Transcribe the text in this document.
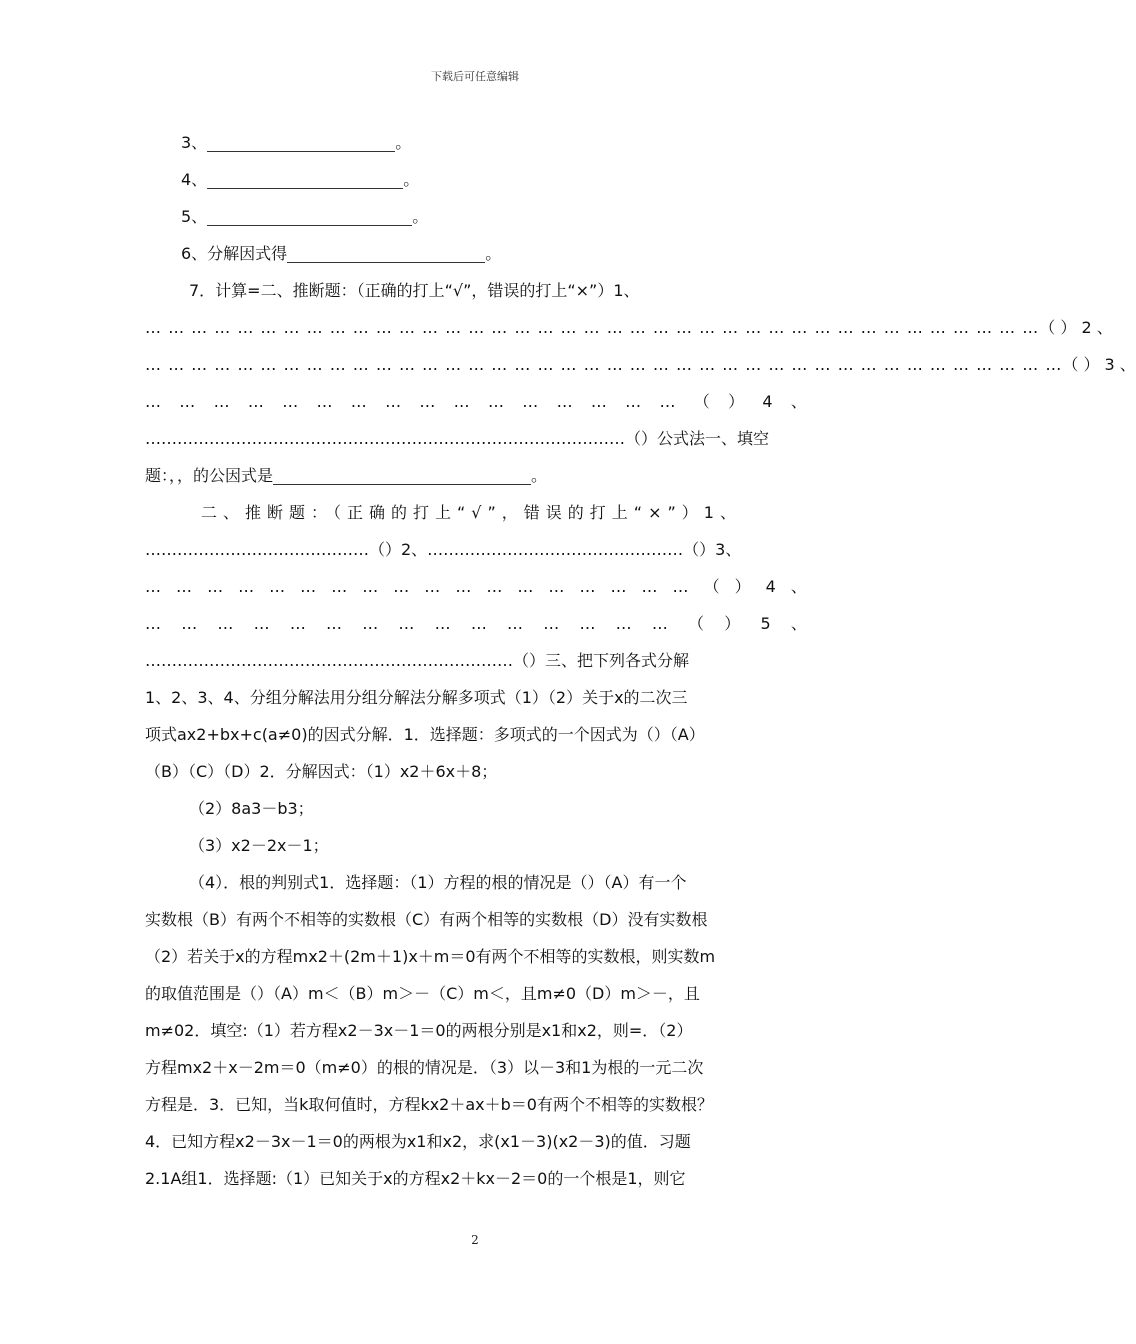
下载后可任意编辑
3、	。
4、	。
5、	。
6、分解因式得	。
7．计算=二、推断题：（正确的打上“√”，错误的打上“×”）1、
… … … … … … … … … … … … … … … … … … … … … … … … … … … … … … … … … … … … … … … （ ） 2 、
… … … … … … … … … … … … … … … … … … … … … … … … … … … … … … … … … … … … … … … … （ ） 3 、
… … … … … … … … … … … … … … … … （ ） 4 、
………………………………………………………………………………（）公式法一、填空
题：，，的公因式是	。
二、推断题：（正确的打上“√”，错误的打上“×”）1、
……………………………………（）2、…………………………………………（）3、
… … … … … … … … … … … … … … … … … … （ ） 4 、
… … … … … … … … … … … … … … … （ ） 5 、
……………………………………………………………（）三、把下列各式分解
1、2、3、4、分组分解法用分组分解法分解多项式（1）（2）关于x的二次三
项式ax2+bx+c(a≠0)的因式分解．1．选择题：多项式的一个因式为（）（A）
（B）（C）（D）2．分解因式：（1）x2＋6x＋8；
（2）8a3－b3；
（3）x2－2x－1；
（4）．根的判别式1．选择题：（1）方程的根的情况是（）（A）有一个
实数根（B）有两个不相等的实数根（C）有两个相等的实数根（D）没有实数根
（2）若关于x的方程mx2＋(2m＋1)x＋m＝0有两个不相等的实数根，则实数m
的取值范围是（）（A）m＜（B）m＞－（C）m＜，且m≠0（D）m＞－，且
m≠02．填空:（1）若方程x2－3x－1＝0的两根分别是x1和x2，则=．（2）
方程mx2＋x－2m＝0（m≠0）的根的情况是．（3）以－3和1为根的一元二次
方程是．3．已知，当k取何值时，方程kx2＋ax＋b＝0有两个不相等的实数根？
4．已知方程x2－3x－1＝0的两根为x1和x2，求(x1－3)(x2－3)的值．习题
2.1A组1．选择题:（1）已知关于x的方程x2＋kx－2＝0的一个根是1，则它
2
